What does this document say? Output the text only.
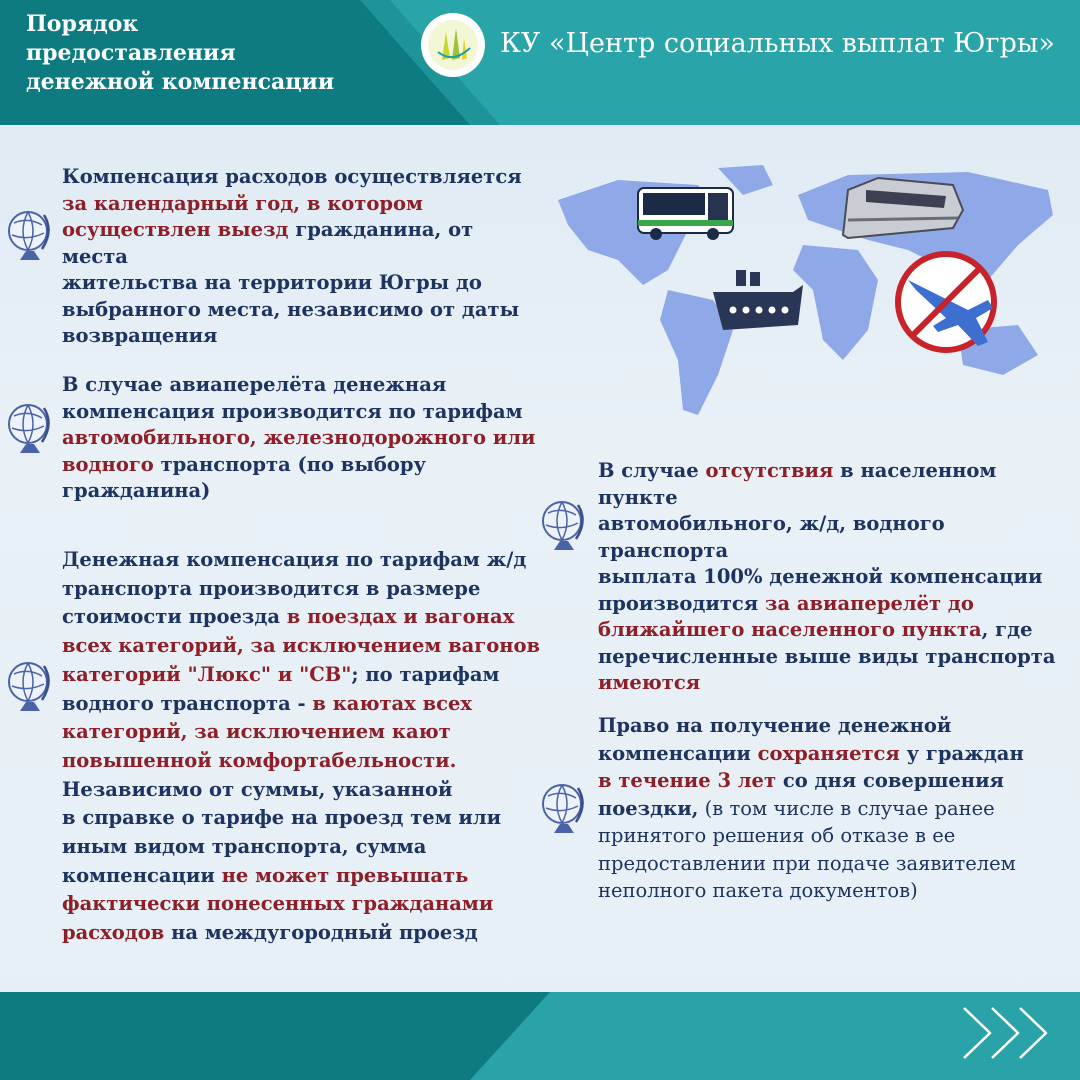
Порядок
предоставления
денежной компенсации
КУ «Центр социальных выплат Югры»
Компенсация расходов осуществляется
за календарный год, в котором
осуществлен выезд гражданина, от места
жительства на территории Югры до
выбранного места, независимо от даты
возвращения
В случае авиаперелёта денежная
компенсация производится по тарифам
автомобильного, железнодорожного или
водного транспорта (по выбору
гражданина)
Денежная компенсация по тарифам ж/д
транспорта производится в размере
стоимости проезда в поездах и вагонах
всех категорий, за исключением вагонов
категорий "Люкс" и "СВ"; по тарифам
водного транспорта - в каютах всех
категорий, за исключением кают
повышенной комфортабельности.
Независимо от суммы, указанной
в справке о тарифе на проезд тем или
иным видом транспорта, сумма
компенсации не может превышать
фактически понесенных гражданами
расходов на междугородный проезд
В случае отсутствия в населенном пункте
автомобильного, ж/д, водного транспорта
выплата 100% денежной компенсации
производится за авиаперелёт до
ближайшего населенного пункта, где
перечисленные выше виды транспорта
имеются
Право на получение денежной
компенсации сохраняется у граждан
в течение 3 лет со дня совершения
поездки, (в том числе в случае ранее
принятого решения об отказе в ее
предоставлении при подаче заявителем
неполного пакета документов)
